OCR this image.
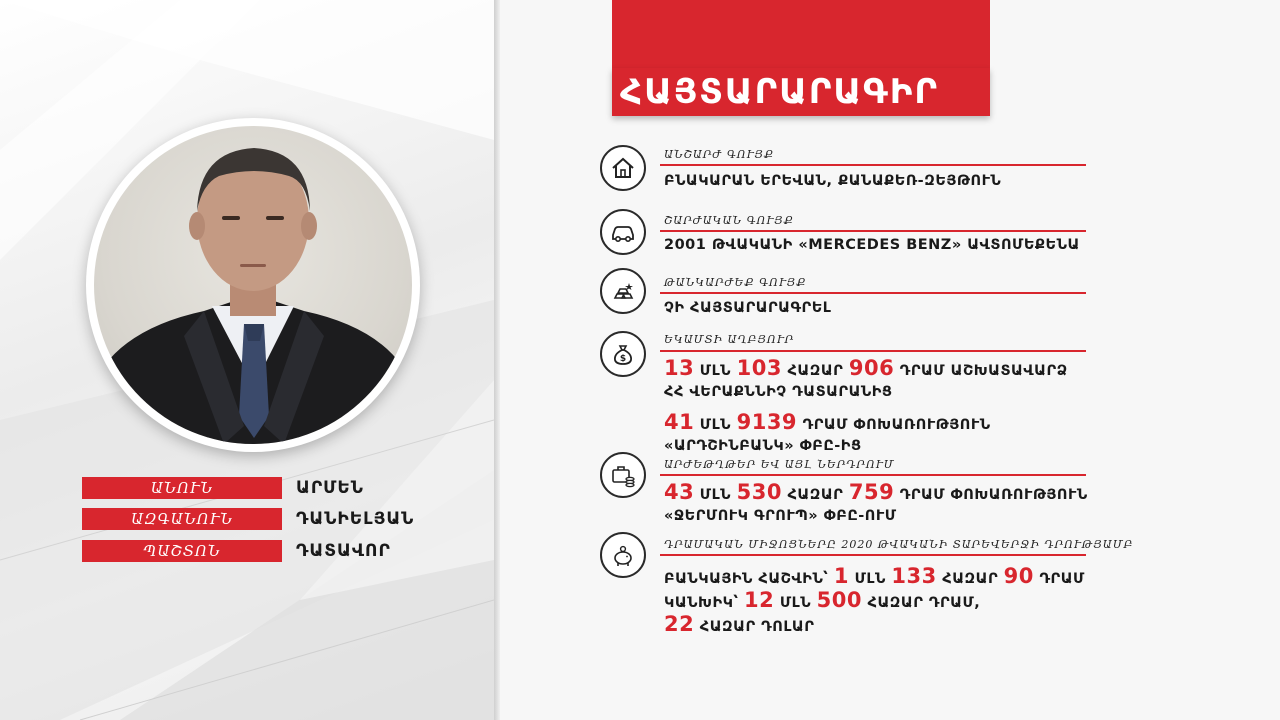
ԱՆՈՒՆ	ԱՐՄԵՆ
ԱԶԳԱՆՈՒՆ	ԴԱՆԻԵԼՅԱՆ
ՊԱՇՏՈՆ	ԴԱՏԱՎՈՐ
ՀԱՅՏԱՐԱՐԱԳԻՐ
ԱՆՇԱՐԺ ԳՈՒՅՔ
ԲՆԱԿԱՐԱՆ ԵՐԵՎԱՆ, ՔԱՆԱՔԵՌ-ԶԵՅԹՈՒՆ
ՇԱՐԺԱԿԱՆ ԳՈՒՅՔ
2001 ԹՎԱԿԱՆԻ «MERCEDES BENZ» ԱՎՏՈՄԵՔԵՆԱ
ԹԱՆԿԱՐԺԵՔ ԳՈՒՅՔ
ՉԻ ՀԱՅՏԱՐԱՐԱԳՐԵԼ
$
ԵԿԱՄՏԻ ԱՂԲՅՈՒՐ
13 ՄԼՆ 103 ՀԱԶԱՐ 906 ԴՐԱՄ ԱՇԽԱՏԱՎԱՐՁ
ՀՀ ՎԵՐԱՔՆՆԻՉ ԴԱՏԱՐԱՆԻՑ
41 ՄԼՆ 9139 ԴՐԱՄ ՓՈԽԱՌՈՒԹՅՈՒՆ
«ԱՐԴՇԻՆԲԱՆԿ» ՓԲԸ-ԻՑ
ԱՐԺԵԹՂԹԵՐ ԵՎ ԱՅԼ ՆԵՐԴՐՈՒՄ
43 ՄԼՆ 530 ՀԱԶԱՐ 759 ԴՐԱՄ ՓՈԽԱՌՈՒԹՅՈՒՆ
«ՋԵՐՄՈՒԿ ԳՐՈՒՊ» ՓԲԸ-ՈՒՄ
ԴՐԱՄԱԿԱՆ ՄԻՋՈՑՆԵՐԸ 2020 ԹՎԱԿԱՆԻ ՏԱՐԵՎԵՐՋԻ ԴՐՈՒԹՅԱՄԲ
ԲԱՆԿԱՅԻՆ ՀԱՇՎԻՆ՝ 1 ՄԼՆ 133 ՀԱԶԱՐ 90 ԴՐԱՄ
ԿԱՆԽԻԿ՝ 12 ՄԼՆ 500 ՀԱԶԱՐ ԴՐԱՄ,
22 ՀԱԶԱՐ ԴՈԼԱՐ
